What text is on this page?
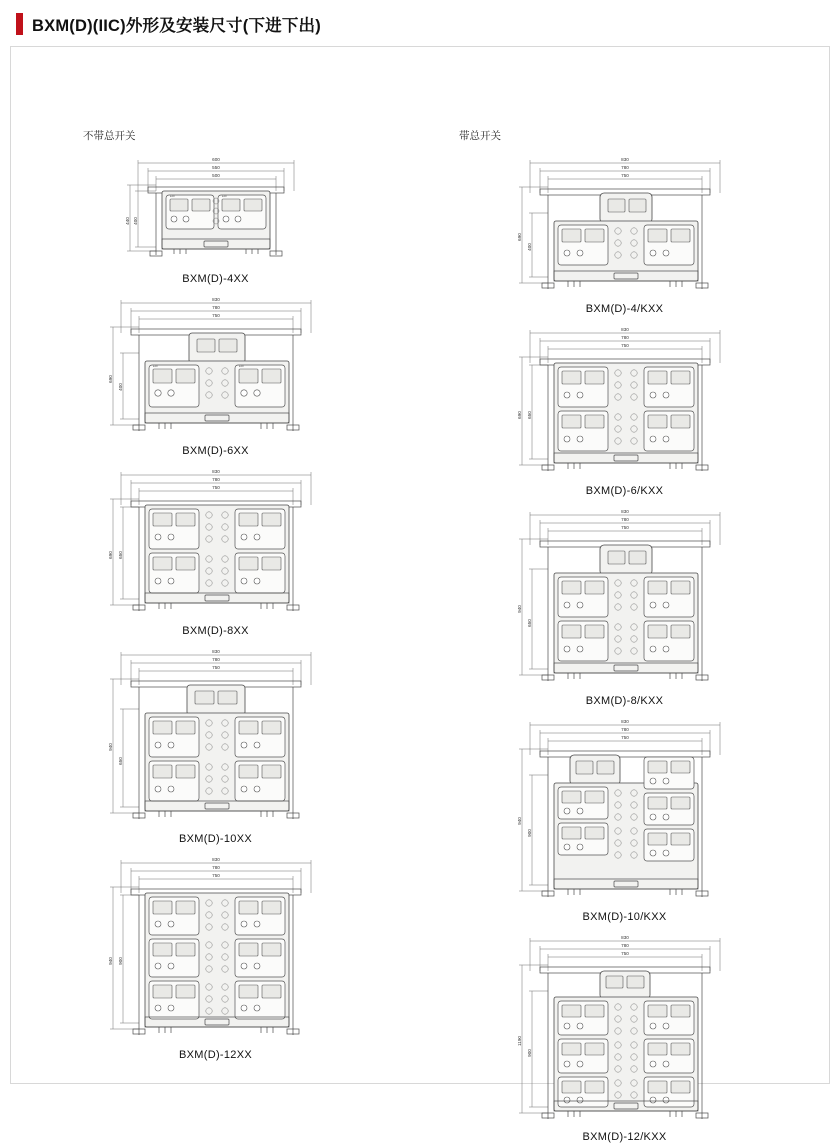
BXM(D)(IIC)外形及安装尺寸(下进下出)
不带总开关	带总开关
600
550
500
440 400
Exd	Exd
BXM(D)-4XX
830
780
750
690
400
Exd	Exd
BXM(D)-6XX
830
780
750
690 650
BXM(D)-8XX
830
780
750
940
650
BXM(D)-10XX
830
780
750
940 900
BXM(D)-12XX
830
780
750
690
400
BXM(D)-4/KXX
830
780
750
690 650
BXM(D)-6/KXX
830
780
750
940
650
BXM(D)-8/KXX
830
780
750
940
900
BXM(D)-10/KXX
830
780
750
1190
900
BXM(D)-12/KXX
